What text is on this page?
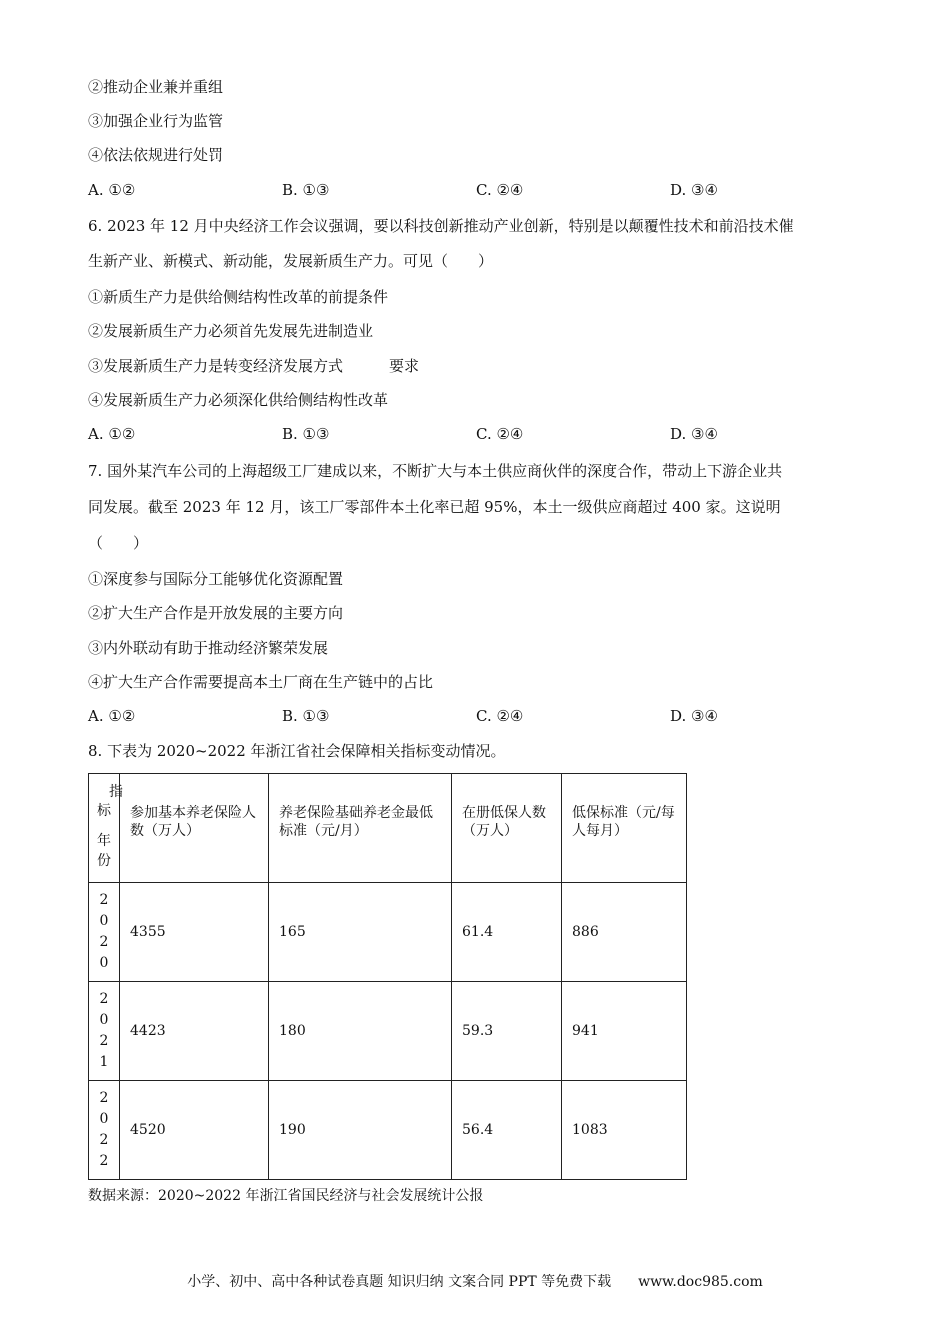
②推动企业兼并重组
③加强企业行为监管
④依法依规进行处罚
A. ①②	B. ①③	C. ②④	D. ③④
6. 2023 年 12 月中央经济工作会议强调，要以科技创新推动产业创新，特别是以颠覆性技术和前沿技术催
生新产业、新模式、新动能，发展新质生产力。可见（　　）
①新质生产力是供给侧结构性改革的前提条件
②发展新质生产力必须首先发展先进制造业
③发展新质生产力是转变经济发展方式	要求
④发展新质生产力必须深化供给侧结构性改革
A. ①②	B. ①③	C. ②④	D. ③④
7. 国外某汽车公司的上海超级工厂建成以来，不断扩大与本土供应商伙伴的深度合作，带动上下游企业共
同发展。截至 2023 年 12 月，该工厂零部件本土化率已超 95%，本土一级供应商超过 400 家。这说明
（　　）
①深度参与国际分工能够优化资源配置
②扩大生产合作是开放发展的主要方向
③内外联动有助于推动经济繁荣发展
④扩大生产合作需要提高本土厂商在生产链中的占比
A. ①②	B. ①③	C. ②④	D. ③④
8. 下表为 2020~2022 年浙江省社会保障相关指标变动情况。
指
标
年
份	参加基本养老保险人数（万人）	养老保险基础养老金最低标准（元/月）	在册低保人数（万人）	低保标准（元/每人每月）

2
0
2
0	4355	165	61.4	886

2
0
2
1	4423	180	59.3	941

2
0
2
2	4520	190	56.4	1083
数据来源：2020~2022 年浙江省国民经济与社会发展统计公报
小学、初中、高中各种试卷真题 知识归纳 文案合同 PPT 等免费下载 www.doc985.com
